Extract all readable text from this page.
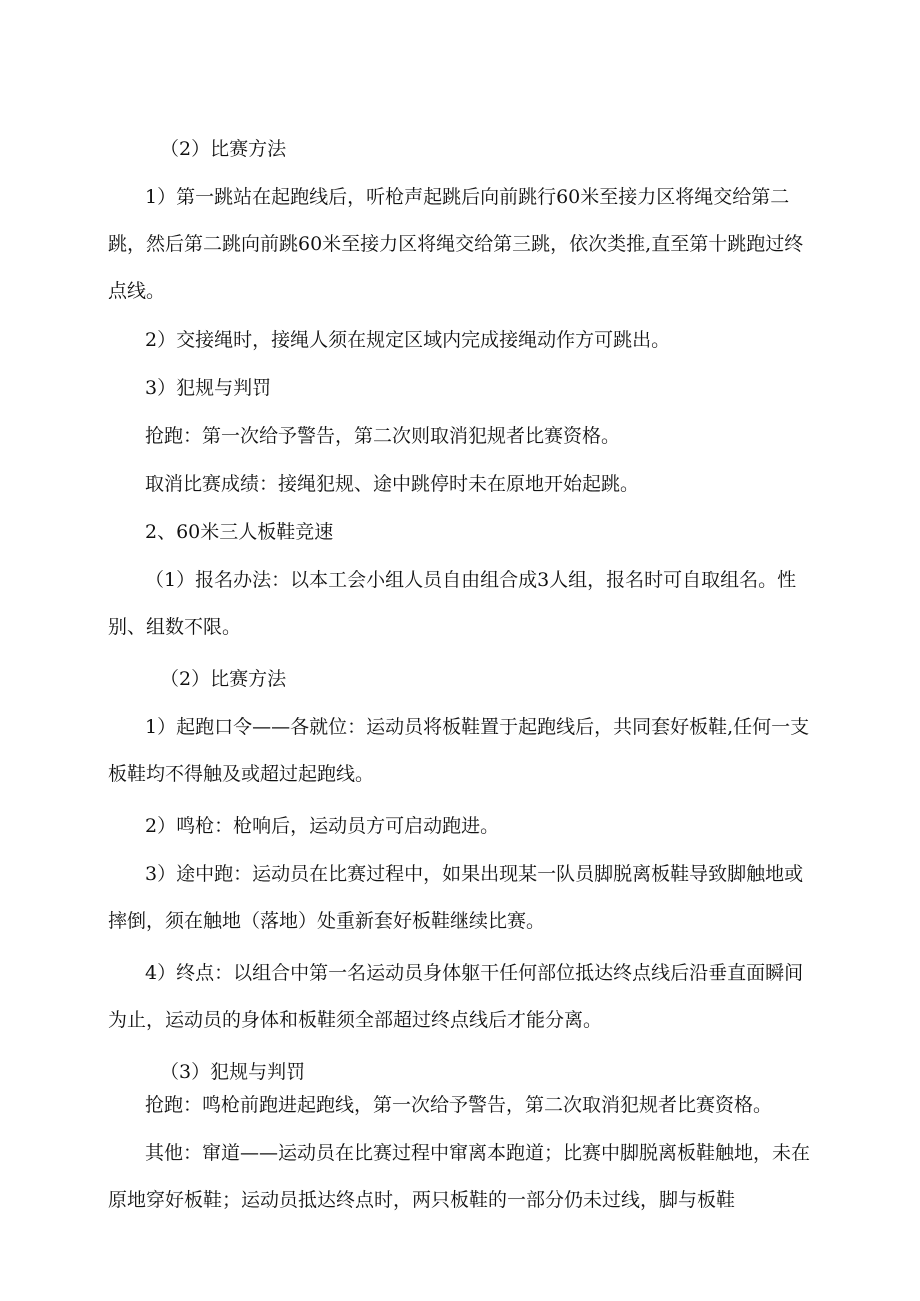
（2）比赛方法

1）第一跳站在起跑线后，听枪声起跳后向前跳行60米至接力区将绳交给第二跳，然后第二跳向前跳60米至接力区将绳交给第三跳，依次类推,直至第十跳跑过终点线。

2）交接绳时，接绳人须在规定区域内完成接绳动作方可跳出。

3）犯规与判罚

抢跑：第一次给予警告，第二次则取消犯规者比赛资格。

取消比赛成绩：接绳犯规、途中跳停时未在原地开始起跳。

2、60米三人板鞋竞速

（1）报名办法：以本工会小组人员自由组合成3人组，报名时可自取组名。性别、组数不限。

（2）比赛方法

1）起跑口令——各就位：运动员将板鞋置于起跑线后，共同套好板鞋,任何一支板鞋均不得触及或超过起跑线。

2）鸣枪：枪响后，运动员方可启动跑进。

3）途中跑：运动员在比赛过程中，如果出现某一队员脚脱离板鞋导致脚触地或摔倒，须在触地（落地）处重新套好板鞋继续比赛。

4）终点：以组合中第一名运动员身体躯干任何部位抵达终点线后沿垂直面瞬间为止，运动员的身体和板鞋须全部超过终点线后才能分离。

（3）犯规与判罚

抢跑：鸣枪前跑进起跑线，第一次给予警告，第二次取消犯规者比赛资格。

其他：窜道——运动员在比赛过程中窜离本跑道；比赛中脚脱离板鞋触地，未在原地穿好板鞋；运动员抵达终点时，两只板鞋的一部分仍未过线，脚与板鞋
